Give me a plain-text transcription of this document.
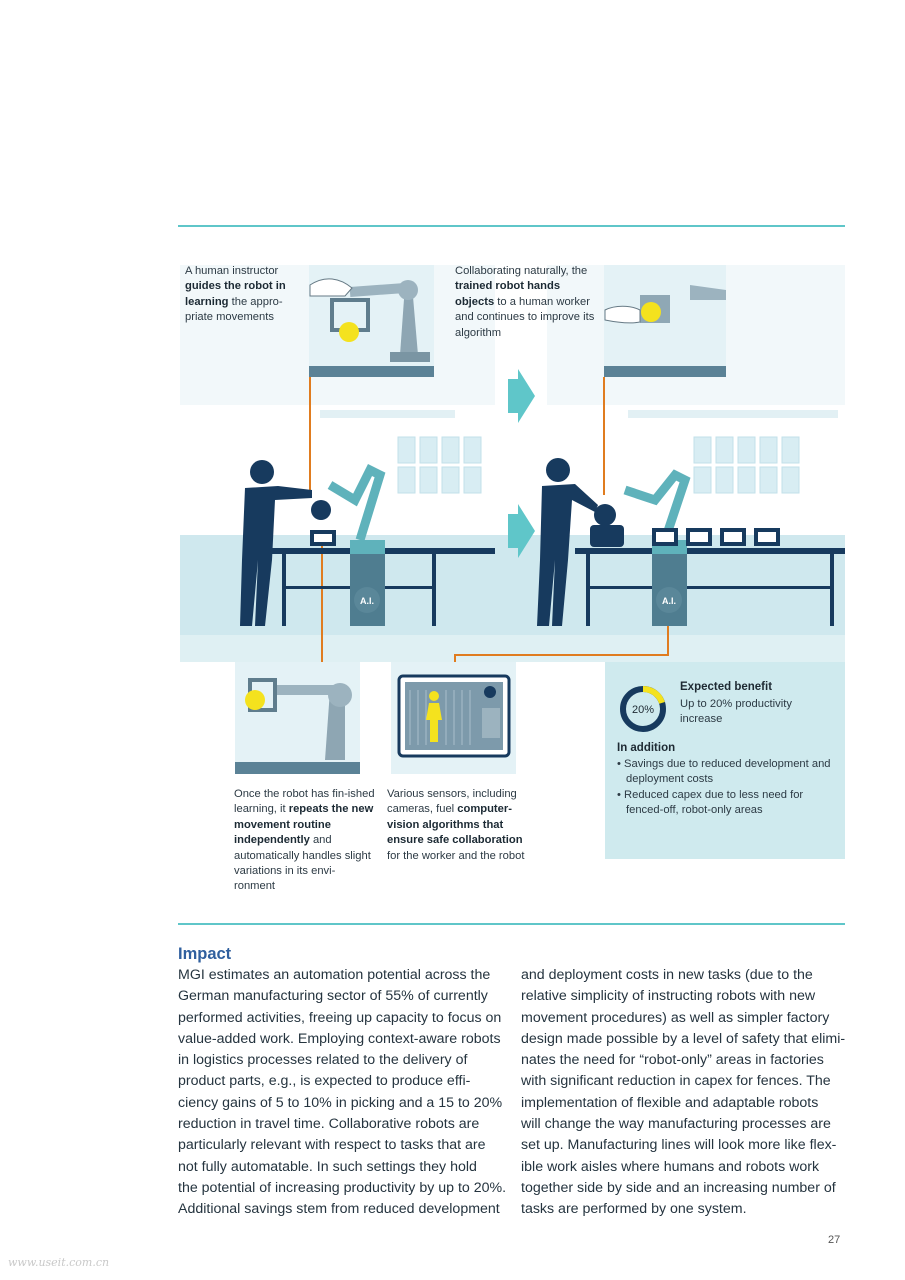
A.I.	A.I.
A human instructor guides the robot in learning the appro-priate movements
Collaborating naturally, the trained robot hands objects to a human worker and continues to improve its algorithm
Once the robot has fin-ished learning, it repeats the new movement routine independently and automatically handles slight variations in its envi-ronment
Various sensors, including cameras, fuel computer-vision algorithms that ensure safe collaboration for the worker and the robot
20%
Expected benefit
Up to 20% productivity increase
In addition
• Savings due to reduced development and deployment costs
• Reduced capex due to less need for fenced-off, robot-only areas
Impact

MGI estimates an automation potential across the

German manufacturing sector of 55% of currently

performed activities, freeing up capacity to focus on

value-added work. Employing context-aware robots

in logistics processes related to the delivery of

product parts, e.g., is expected to produce effi-

ciency gains of 5 to 10% in picking and a 15 to 20%

reduction in travel time. Collaborative robots are

particularly relevant with respect to tasks that are

not fully automatable. In such settings they hold

the potential of increasing productivity by up to 20%.

Additional savings stem from reduced development

and deployment costs in new tasks (due to the

relative simplicity of instructing robots with new

movement procedures) as well as simpler factory

design made possible by a level of safety that elimi-

nates the need for “robot-only” areas in factories

with significant reduction in capex for fences. The

implementation of flexible and adaptable robots

will change the way manufacturing processes are

set up. Manufacturing lines will look more like flex-

ible work aisles where humans and robots work

together side by side and an increasing number of

tasks are performed by one system.

27
www.useit.com.cn
